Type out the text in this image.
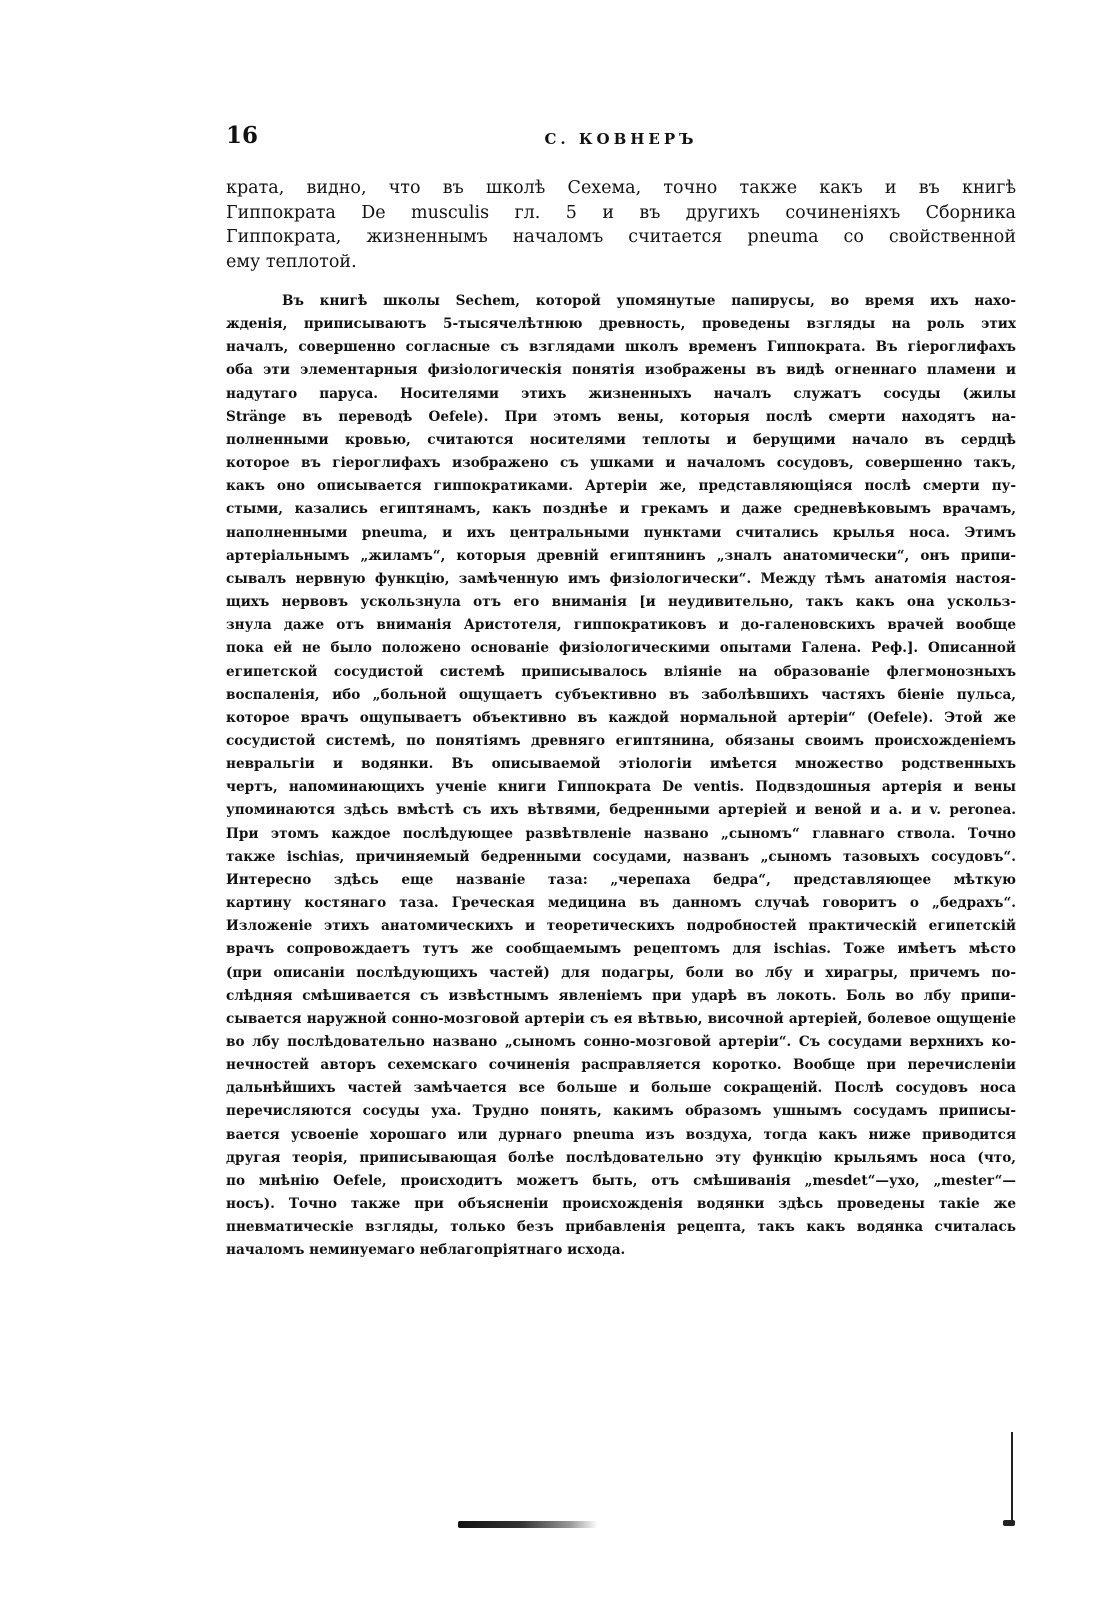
16	С. КОВНЕРЪ
крата, видно, что въ школѣ Сехема, точно также какъ и въ книгѣ
Гиппократа De musculis гл. 5 и въ другихъ сочиненіяхъ Сборника
Гиппократа, жизненнымъ началомъ считается pneuma со свойственной
ему теплотой.
Въ книгѣ школы Sechem, которой упомянутые папирусы, во время ихъ нахо-
жденія, приписываютъ 5-тысячелѣтнюю древность, проведены взгляды на роль этих
началъ, совершенно согласные съ взглядами школъ временъ Гиппократа. Въ гіероглифахъ
оба эти элементарныя физіологическія понятія изображены въ видѣ огненнаго пламени и
надутаго паруса. Носителями этихъ жизненныхъ началъ служатъ сосуды (жилы
Stränge въ переводѣ Oefele). При этомъ вены, которыя послѣ смерти находятъ на-
полненными кровью, считаются носителями теплоты и берущими начало въ сердцѣ
которое въ гіероглифахъ изображено съ ушками и началомъ сосудовъ, совершенно такъ,
какъ оно описывается гиппократиками. Артеріи же, представляющіяся послѣ смерти пу-
стыми, казались египтянамъ, какъ позднѣе и грекамъ и даже средневѣковымъ врачамъ,
наполненными pneuma, и ихъ центральными пунктами считались крылья носа. Этимъ
артеріальнымъ „жиламъ“, которыя древній египтянинъ „зналъ анатомически“, онъ припи-
сывалъ нервную функцію, замѣченную имъ физіологически“. Между тѣмъ анатомія настоя-
щихъ нервовъ ускользнула отъ его вниманія [и неудивительно, такъ какъ она ускольз-
знула даже отъ вниманія Аристотеля, гиппократиковъ и до-галеновскихъ врачей вообще
пока ей не было положено основаніе физіологическими опытами Галена. Реф.]. Описанной
египетской сосудистой системѣ приписывалось вліяніе на образованіе флегмонозныхъ
воспаленія, ибо „больной ощущаетъ субъективно въ заболѣвшихъ частяхъ біеніе пульса,
которое врачъ ощупываетъ объективно въ каждой нормальной артеріи“ (Oefele). Этой же
сосудистой системѣ, по понятіямъ древняго египтянина, обязаны своимъ происхожденіемъ
невральгіи и водянки. Въ описываемой этіологіи имѣется множество родственныхъ
чертъ, напоминающихъ ученіе книги Гиппократа De ventis. Подвздошныя артерія и вены
упоминаются здѣсь вмѣстѣ съ ихъ вѣтвями, бедренными артеріей и веной и a. и v. peronea.
При этомъ каждое послѣдующее развѣтвленіе названо „сыномъ“ главнаго ствола. Точно
также ischias, причиняемый бедренными сосудами, названъ „сыномъ тазовыхъ сосудовъ“.
Интересно здѣсь еще названіе таза: „черепаха бедра“, представляющее мѣткую
картину костянаго таза. Греческая медицина въ данномъ случаѣ говоритъ о „бедрахъ“.
Изложеніе этихъ анатомическихъ и теоретическихъ подробностей практическій египетскій
врачъ сопровождаетъ тутъ же сообщаемымъ рецептомъ для ischias. Тоже имѣетъ мѣсто
(при описаніи послѣдующихъ частей) для подагры, боли во лбу и хирагры, причемъ по-
слѣдняя смѣшивается съ извѣстнымъ явленіемъ при ударѣ въ локоть. Боль во лбу припи-
сывается наружной сонно-мозговой артеріи съ ея вѣтвью, височной артеріей, болевое ощущеніе
во лбу послѣдовательно названо „сыномъ сонно-мозговой артеріи“. Съ сосудами верхнихъ ко-
нечностей авторъ сехемскаго сочиненія расправляется коротко. Вообще при перечисленіи
дальнѣйшихъ частей замѣчается все больше и больше сокращеній. Послѣ сосудовъ носа
перечисляются сосуды уха. Трудно понять, какимъ образомъ ушнымъ сосудамъ приписы-
вается усвоеніе хорошаго или дурнаго pneuma изъ воздуха, тогда какъ ниже приводится
другая теорія, приписывающая болѣе послѣдовательно эту функцію крыльямъ носа (что,
по мнѣнію Oefele, происходитъ можетъ быть, отъ смѣшиванія „mesdet“—ухо, „mester“—
носъ). Точно также при объясненіи происхожденія водянки здѣсь проведены такіе же
пневматическіе взгляды, только безъ прибавленія рецепта, такъ какъ водянка считалась
началомъ неминуемаго неблагопріятнаго исхода.
